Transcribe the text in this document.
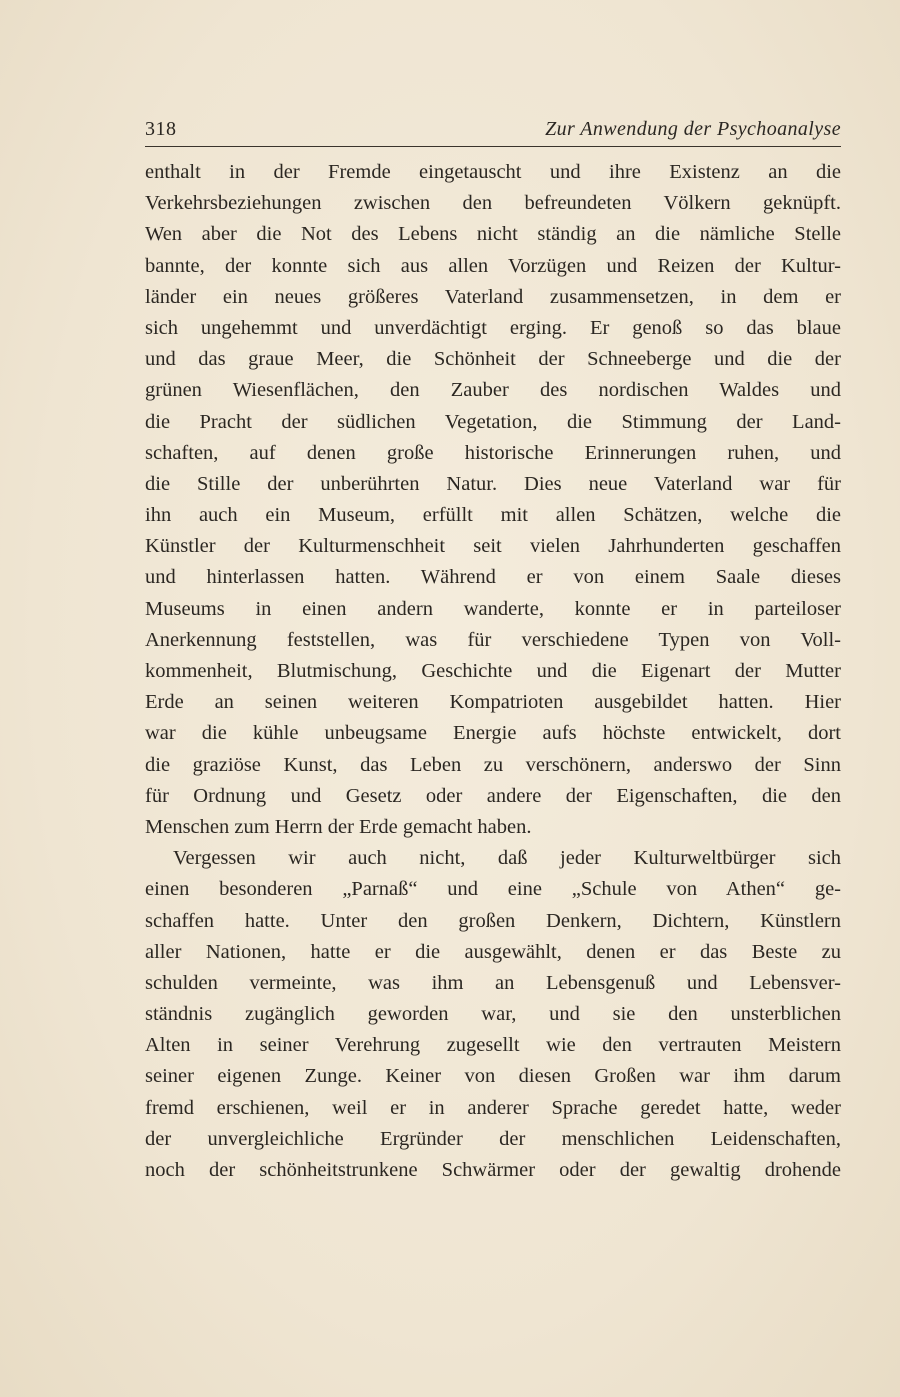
318	Zur Anwendung der Psychoanalyse
enthalt in der Fremde eingetauscht und ihre Existenz an die
Verkehrsbeziehungen zwischen den befreundeten Völkern geknüpft.
Wen aber die Not des Lebens nicht ständig an die nämliche Stelle
bannte, der konnte sich aus allen Vorzügen und Reizen der Kultur-
länder ein neues größeres Vaterland zusammensetzen, in dem er
sich ungehemmt und unverdächtigt erging. Er genoß so das blaue
und das graue Meer, die Schönheit der Schneeberge und die der
grünen Wiesenflächen, den Zauber des nordischen Waldes und
die Pracht der südlichen Vegetation, die Stimmung der Land-
schaften, auf denen große historische Erinnerungen ruhen, und
die Stille der unberührten Natur. Dies neue Vaterland war für
ihn auch ein Museum, erfüllt mit allen Schätzen, welche die
Künstler der Kulturmenschheit seit vielen Jahrhunderten geschaffen
und hinterlassen hatten. Während er von einem Saale dieses
Museums in einen andern wanderte, konnte er in parteiloser
Anerkennung feststellen, was für verschiedene Typen von Voll-
kommenheit, Blutmischung, Geschichte und die Eigenart der Mutter
Erde an seinen weiteren Kompatrioten ausgebildet hatten. Hier
war die kühle unbeugsame Energie aufs höchste entwickelt, dort
die graziöse Kunst, das Leben zu verschönern, anderswo der Sinn
für Ordnung und Gesetz oder andere der Eigenschaften, die den
Menschen zum Herrn der Erde gemacht haben.
Vergessen wir auch nicht, daß jeder Kulturweltbürger sich
einen besonderen „Parnaß“ und eine „Schule von Athen“ ge-
schaffen hatte. Unter den großen Denkern, Dichtern, Künstlern
aller Nationen, hatte er die ausgewählt, denen er das Beste zu
schulden vermeinte, was ihm an Lebensgenuß und Lebensver-
ständnis zugänglich geworden war, und sie den unsterblichen
Alten in seiner Verehrung zugesellt wie den vertrauten Meistern
seiner eigenen Zunge. Keiner von diesen Großen war ihm darum
fremd erschienen, weil er in anderer Sprache geredet hatte, weder
der unvergleichliche Ergründer der menschlichen Leidenschaften,
noch der schönheitstrunkene Schwärmer oder der gewaltig drohende
